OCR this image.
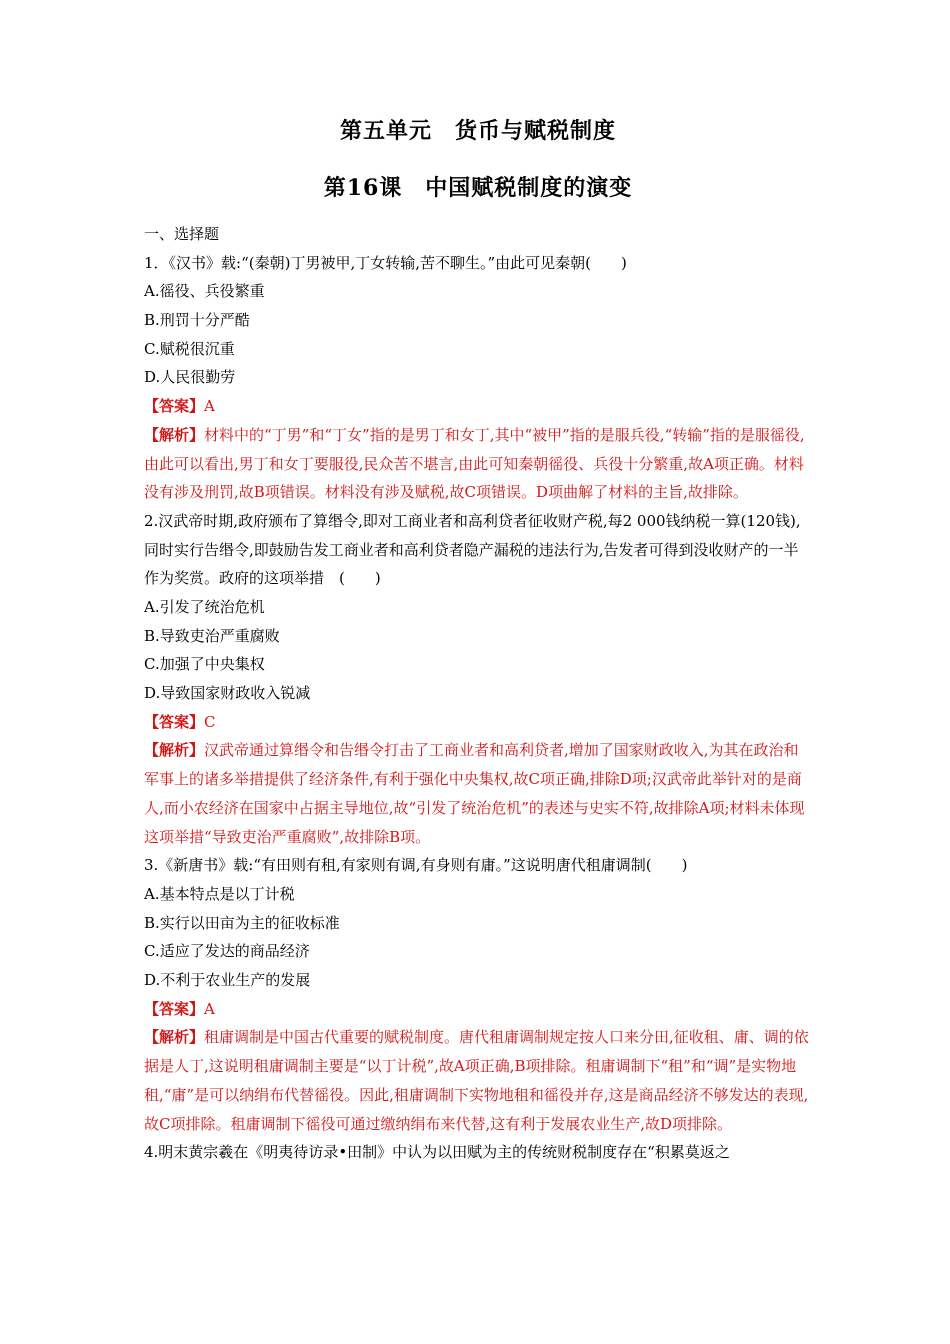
第五单元　货币与赋税制度
第16课　中国赋税制度的演变
一、选择题
1．《汉书》载:“(秦朝)丁男被甲,丁女转输,苦不聊生。”由此可见秦朝(　　)
A.徭役、兵役繁重
B.刑罚十分严酷
C.赋税很沉重
D.人民很勤劳
【答案】A
【解析】材料中的“丁男”和“丁女”指的是男丁和女丁,其中“被甲”指的是服兵役,“转输”指的是服徭役,由此可以看出,男丁和女丁要服役,民众苦不堪言,由此可知秦朝徭役、兵役十分繁重,故A项正确。材料没有涉及刑罚,故B项错误。材料没有涉及赋税,故C项错误。D项曲解了材料的主旨,故排除。
2.汉武帝时期,政府颁布了算缗令,即对工商业者和高利贷者征收财产税,每2 000钱纳税一算(120钱),同时实行告缗令,即鼓励告发工商业者和高利贷者隐产漏税的违法行为,告发者可得到没收财产的一半作为奖赏。政府的这项举措　(　　)
A.引发了统治危机
B.导致吏治严重腐败
C.加强了中央集权
D.导致国家财政收入锐减
【答案】C
【解析】汉武帝通过算缗令和告缗令打击了工商业者和高利贷者,增加了国家财政收入,为其在政治和军事上的诸多举措提供了经济条件,有利于强化中央集权,故C项正确,排除D项;汉武帝此举针对的是商人,而小农经济在国家中占据主导地位,故“引发了统治危机”的表述与史实不符,故排除A项;材料未体现这项举措“导致吏治严重腐败”,故排除B项。
3.《新唐书》载:“有田则有租,有家则有调,有身则有庸。”这说明唐代租庸调制(　　)
A.基本特点是以丁计税
B.实行以田亩为主的征收标准
C.适应了发达的商品经济
D.不利于农业生产的发展
【答案】A
【解析】租庸调制是中国古代重要的赋税制度。唐代租庸调制规定按人口来分田,征收租、庸、调的依据是人丁,这说明租庸调制主要是“以丁计税”,故A项正确,B项排除。租庸调制下“租”和“调”是实物地租,“庸”是可以纳绢布代替徭役。因此,租庸调制下实物地租和徭役并存,这是商品经济不够发达的表现,故C项排除。租庸调制下徭役可通过缴纳绢布来代替,这有利于发展农业生产,故D项排除。
4.明末黄宗羲在《明夷待访录•田制》中认为以田赋为主的传统财税制度存在“积累莫返之
